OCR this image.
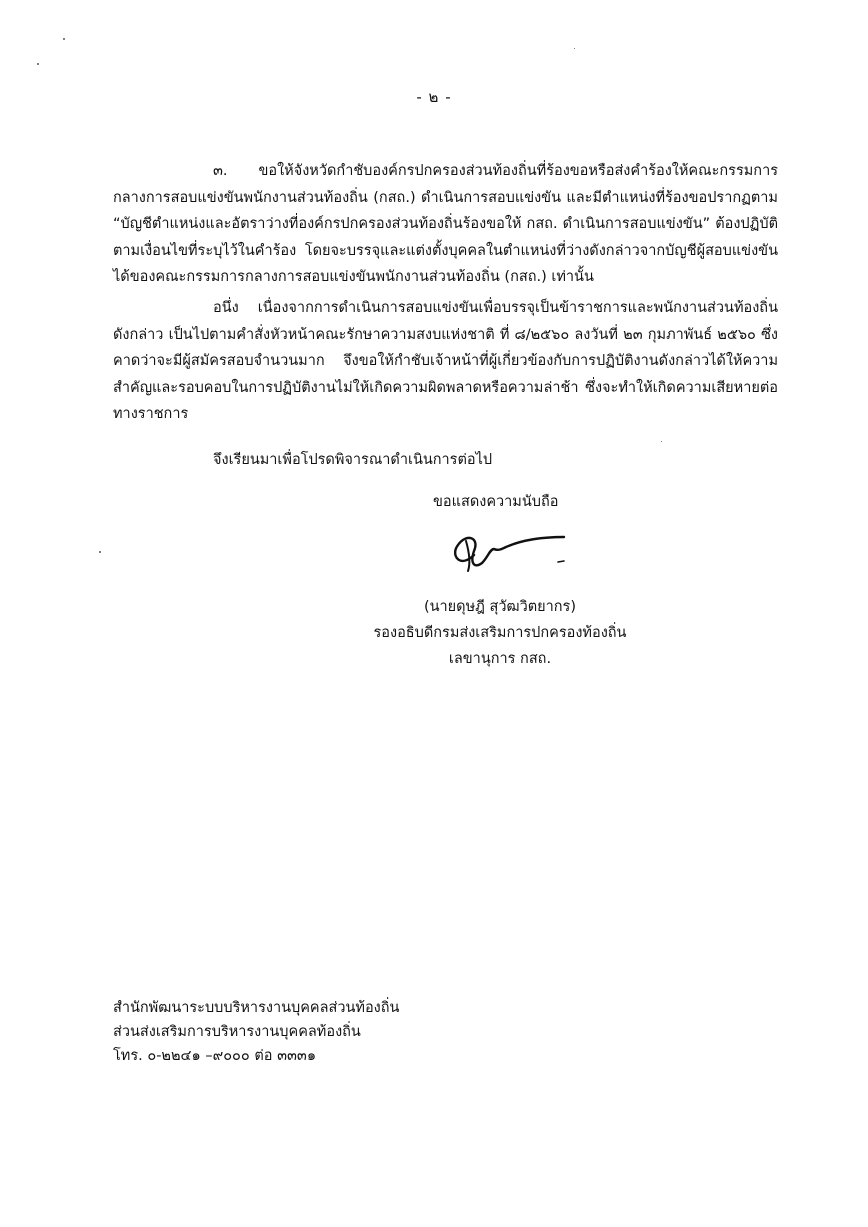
- ๒ -

๓. ขอให้จังหวัดกำชับองค์กรปกครองส่วนท้องถิ่นที่ร้องขอหรือส่งคำร้องให้คณะกรรมการกลางการสอบแข่งขันพนักงานส่วนท้องถิ่น (กสถ.) ดำเนินการสอบแข่งขัน และมีตำแหน่งที่ร้องขอปรากฏตาม “บัญชีตำแหน่งและอัตราว่างที่องค์กรปกครองส่วนท้องถิ่นร้องขอให้ กสถ. ดำเนินการสอบแข่งขัน” ต้องปฏิบัติตามเงื่อนไขที่ระบุไว้ในคำร้อง โดยจะบรรจุและแต่งตั้งบุคคลในตำแหน่งที่ว่างดังกล่าวจากบัญชีผู้สอบแข่งขันได้ของคณะกรรมการกลางการสอบแข่งขันพนักงานส่วนท้องถิ่น (กสถ.) เท่านั้น

อนึ่ง เนื่องจากการดำเนินการสอบแข่งขันเพื่อบรรจุเป็นข้าราชการและพนักงานส่วนท้องถิ่นดังกล่าว เป็นไปตามคำสั่งหัวหน้าคณะรักษาความสงบแห่งชาติ ที่ ๘/๒๕๖๐ ลงวันที่ ๒๓ กุมภาพันธ์ ๒๕๖๐ ซึ่งคาดว่าจะมีผู้สมัครสอบจำนวนมาก จึงขอให้กำชับเจ้าหน้าที่ผู้เกี่ยวข้องกับการปฏิบัติงานดังกล่าวได้ให้ความสำคัญและรอบคอบในการปฏิบัติงานไม่ให้เกิดความผิดพลาดหรือความล่าช้า ซึ่งจะทำให้เกิดความเสียหายต่อทางราชการ

จึงเรียนมาเพื่อโปรดพิจารณาดำเนินการต่อไป
ขอแสดงความนับถือ
(นายดุษฎี สุวัฒวิตยากร)
รองอธิบดีกรมส่งเสริมการปกครองท้องถิ่น
เลขานุการ กสถ.
สำนักพัฒนาระบบบริหารงานบุคคลส่วนท้องถิ่น
ส่วนส่งเสริมการบริหารงานบุคคลท้องถิ่น
โทร. ๐-๒๒๔๑ –๙๐๐๐ ต่อ ๓๓๓๑
